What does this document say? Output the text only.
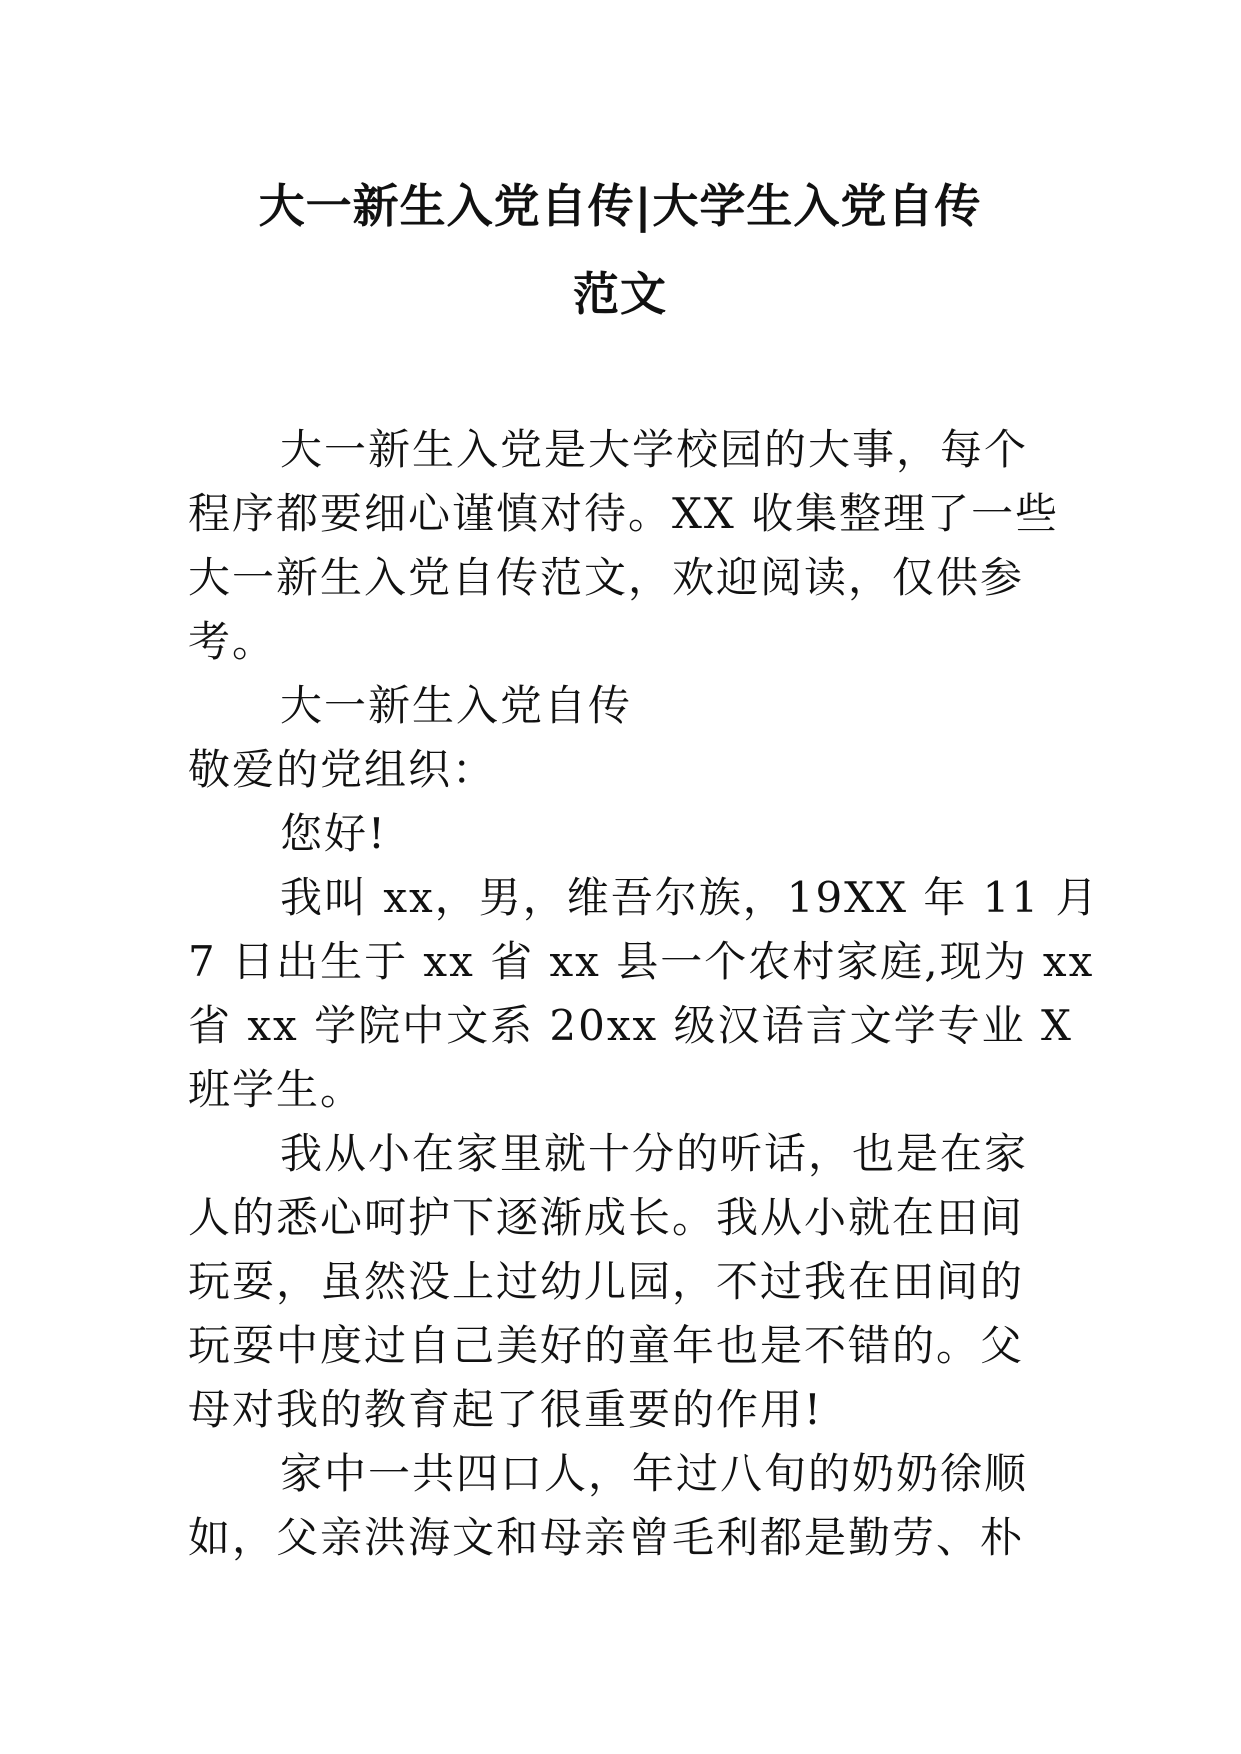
大一新生入党自传|大学生入党自传
范文

大一新生入党是大学校园的大事，每个
程序都要细心谨慎对待。XX 收集整理了一些
大一新生入党自传范文，欢迎阅读，仅供参
考。

大一新生入党自传

敬爱的党组织：

您好!

我叫 xx，男，维吾尔族，19XX 年 11 月
7 日出生于 xx 省 xx 县一个农村家庭,现为 xx
省 xx 学院中文系 20xx 级汉语言文学专业 X
班学生。

我从小在家里就十分的听话，也是在家
人的悉心呵护下逐渐成长。我从小就在田间
玩耍，虽然没上过幼儿园，不过我在田间的
玩耍中度过自己美好的童年也是不错的。父
母对我的教育起了很重要的作用!

家中一共四口人，年过八旬的奶奶徐顺
如，父亲洪海文和母亲曾毛利都是勤劳、朴
